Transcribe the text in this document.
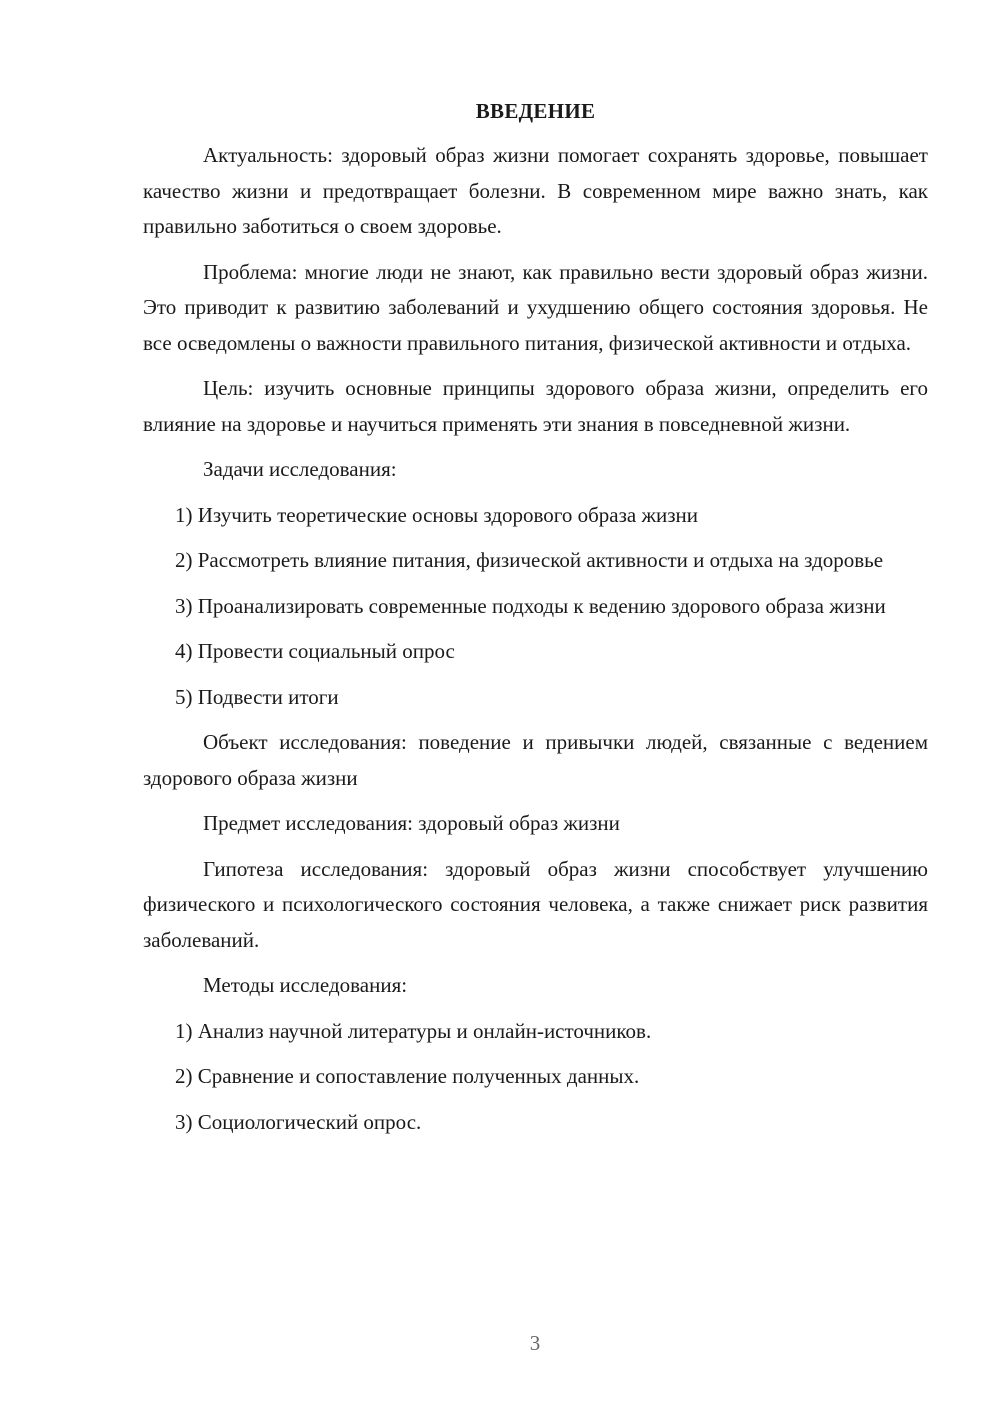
ВВЕДЕНИЕ

Актуальность: здоровый образ жизни помогает сохранять здоровье, повышает качество жизни и предотвращает болезни. В современном мире важно знать, как правильно заботиться о своем здоровье.

Проблема: многие люди не знают, как правильно вести здоровый образ жизни. Это приводит к развитию заболеваний и ухудшению общего состояния здоровья. Не все осведомлены о важности правильного питания, физической активности и отдыха.

Цель: изучить основные принципы здорового образа жизни, определить его влияние на здоровье и научиться применять эти знания в повседневной жизни.

Задачи исследования:

1) Изучить теоретические основы здорового образа жизни

2) Рассмотреть влияние питания, физической активности и отдыха на здоровье

3) Проанализировать современные подходы к ведению здорового образа жизни

4) Провести социальный опрос

5) Подвести итоги

Объект исследования: поведение и привычки людей, связанные с ведением здорового образа жизни

Предмет исследования: здоровый образ жизни

Гипотеза исследования: здоровый образ жизни способствует улучшению физического и психологического состояния человека, а также снижает риск развития заболеваний.

Методы исследования:

1) Анализ научной литературы и онлайн-источников.

2) Сравнение и сопоставление полученных данных.

3) Социологический опрос.

3
